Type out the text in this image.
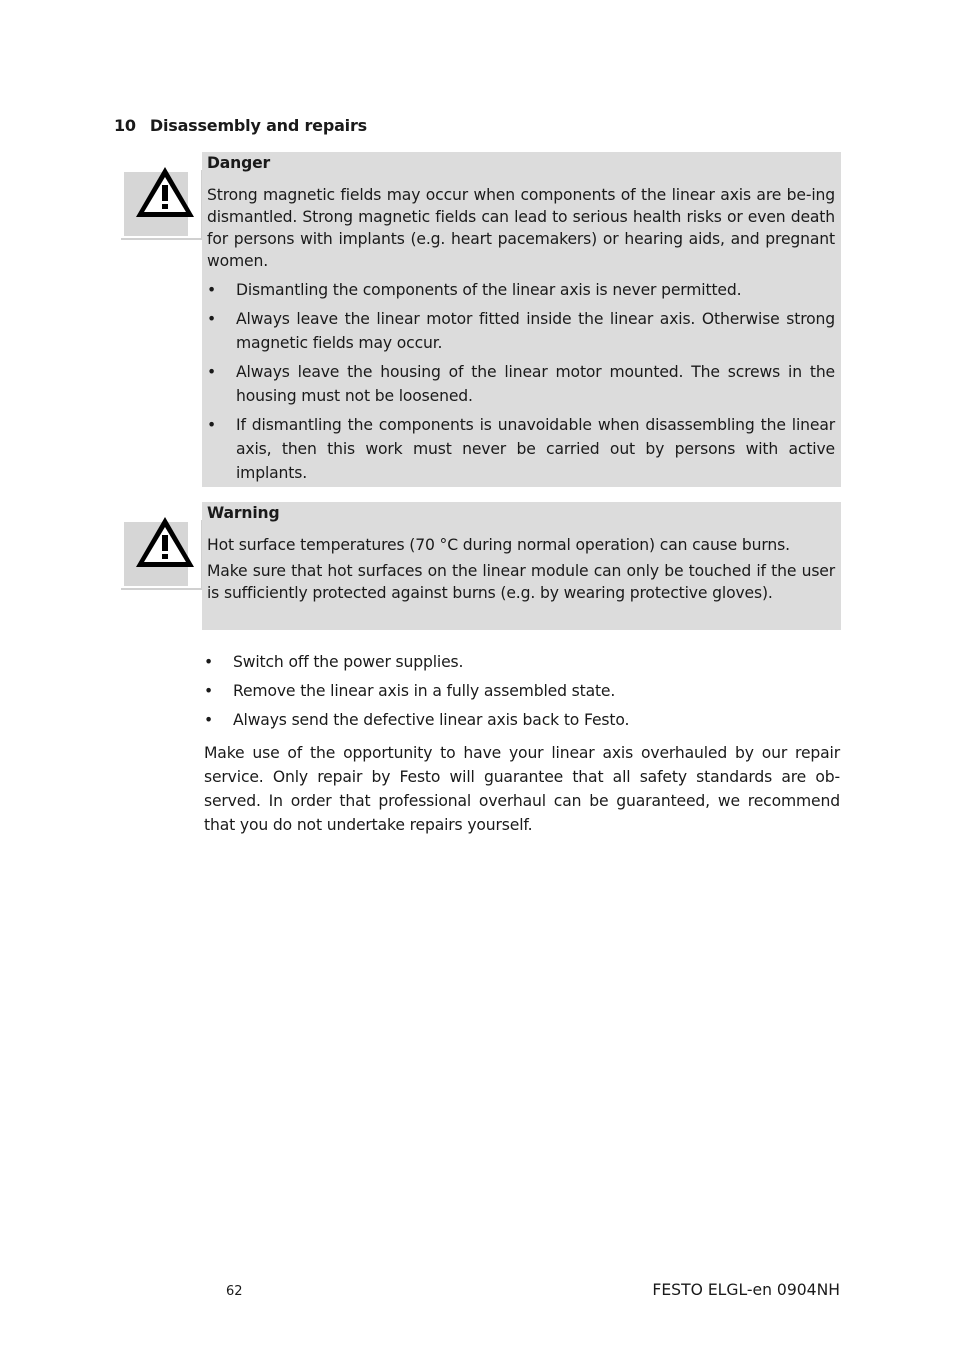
10 Disassembly and repairs
Danger

Strong magnetic fields may occur when components of the linear axis are be-ing dismantled. Strong magnetic fields can lead to serious health risks or even death for persons with implants (e.g. heart pacemakers) or hearing aids, and pregnant women.

• Dismantling the components of the linear axis is never permitted.
• Always leave the linear motor fitted inside the linear axis. Otherwise strong magnetic fields may occur.
• Always leave the housing of the linear motor mounted. The screws in the housing must not be loosened.
• If dismantling the components is unavoidable when disassembling the linear axis, then this work must never be carried out by persons with active implants.
Warning

Hot surface temperatures (70 °C during normal operation) can cause burns.

Make sure that hot surfaces on the linear module can only be touched if the user is sufficiently protected against burns (e.g. by wearing protective gloves).

• Switch off the power supplies.
• Remove the linear axis in a fully assembled state.
• Always send the defective linear axis back to Festo.

Make use of the opportunity to have your linear axis overhauled by our repair service. Only repair by Festo will guarantee that all safety standards are ob-served. In order that professional overhaul can be guaranteed, we recommend that you do not undertake repairs yourself.

62	FESTO ELGL-en 0904NH
